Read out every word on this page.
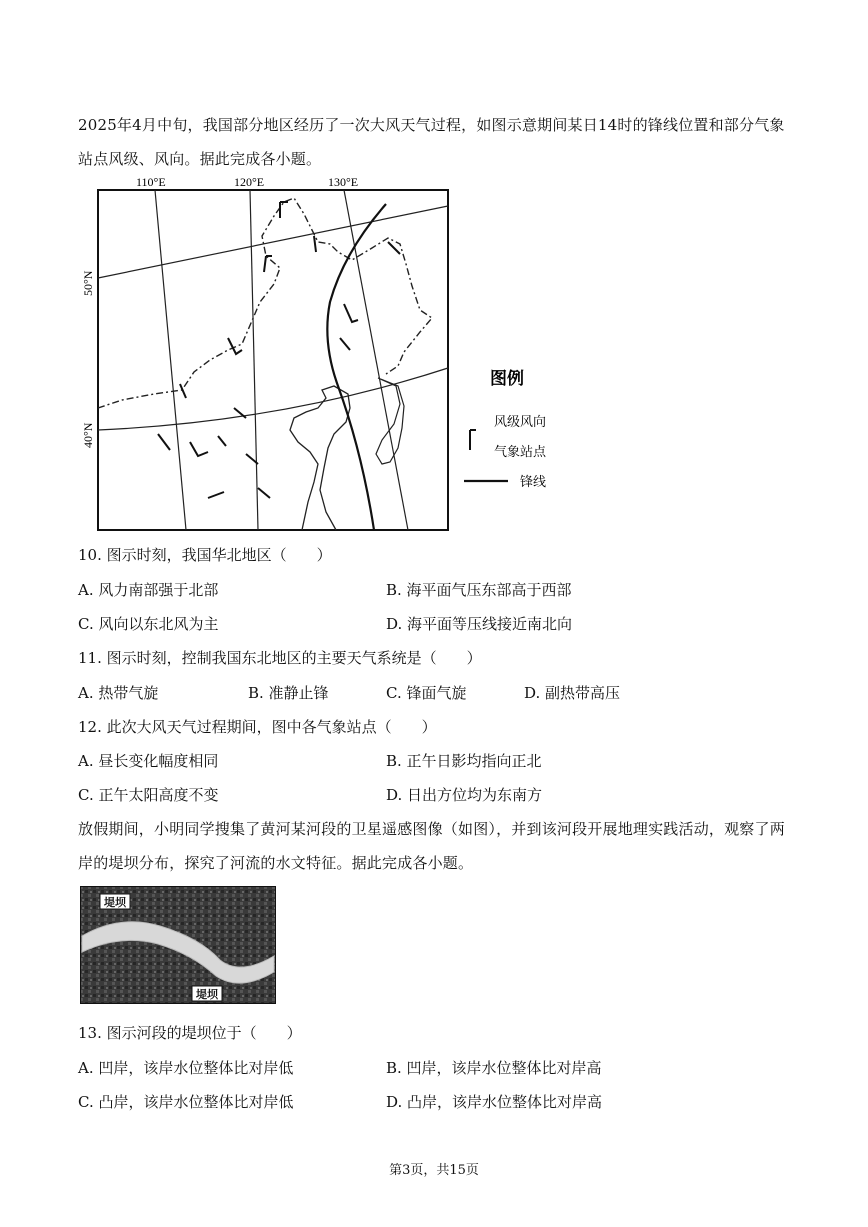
2025年4月中旬，我国部分地区经历了一次大风天气过程，如图示意期间某日14时的锋线位置和部分气象站点风级、风向。据此完成各小题。
110°E	120°E	130°E
50°N
40°N
图例
风级风向
气象站点
锋线
10. 图示时刻，我国华北地区（　　）
A. 风力南部强于北部	B. 海平面气压东部高于西部
C. 风向以东北风为主	D. 海平面等压线接近南北向
11. 图示时刻，控制我国东北地区的主要天气系统是（　　）
A. 热带气旋	B. 准静止锋	C. 锋面气旋	D. 副热带高压
12. 此次大风天气过程期间，图中各气象站点（　　）
A. 昼长变化幅度相同	B. 正午日影均指向正北
C. 正午太阳高度不变	D. 日出方位均为东南方
放假期间，小明同学搜集了黄河某河段的卫星遥感图像（如图），并到该河段开展地理实践活动，观察了两岸的堤坝分布，探究了河流的水文特征。据此完成各小题。
堤坝
堤坝
13. 图示河段的堤坝位于（　　）
A. 凹岸，该岸水位整体比对岸低	B. 凹岸，该岸水位整体比对岸高
C. 凸岸，该岸水位整体比对岸低	D. 凸岸，该岸水位整体比对岸高
第3页，共15页
